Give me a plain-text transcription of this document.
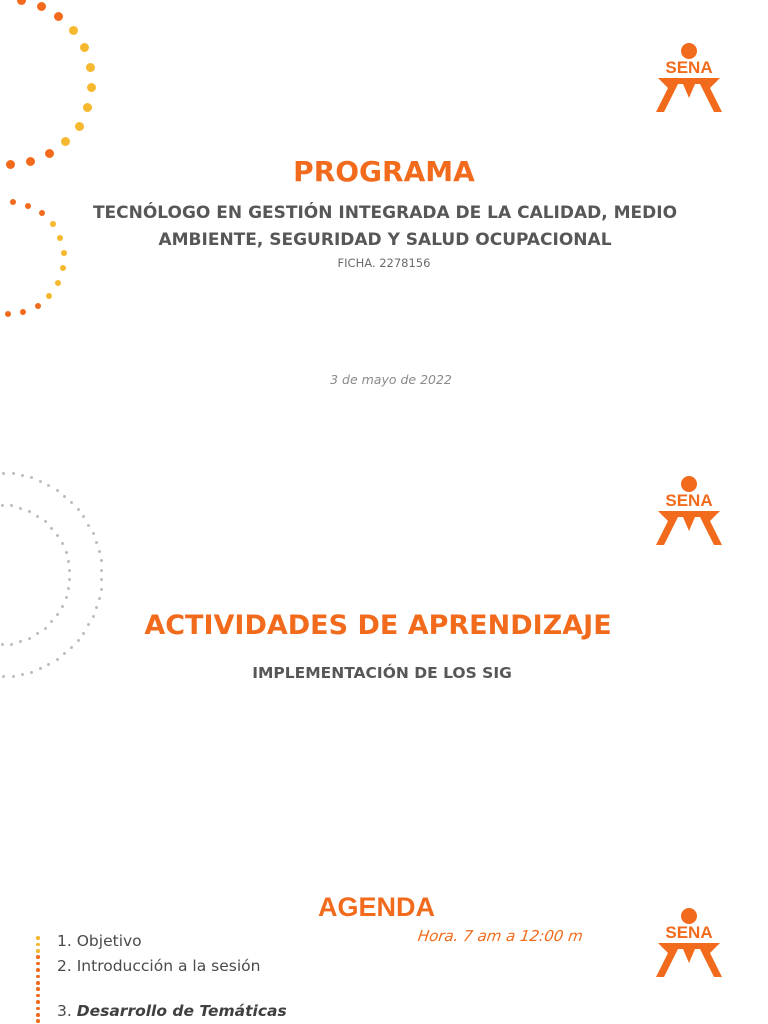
SENA
PROGRAMA
TECNÓLOGO EN GESTIÓN INTEGRADA DE LA CALIDAD, MEDIO
AMBIENTE, SEGURIDAD Y SALUD OCUPACIONAL
FICHA. 2278156
3 de mayo de 2022
SENA
ACTIVIDADES DE APRENDIZAJE
IMPLEMENTACIÓN DE LOS SIG
AGENDA
Hora. 7 am a 12:00 m	SENA
1. Objetivo
2. Introducción a la sesión
3. Desarrollo de Temáticas
